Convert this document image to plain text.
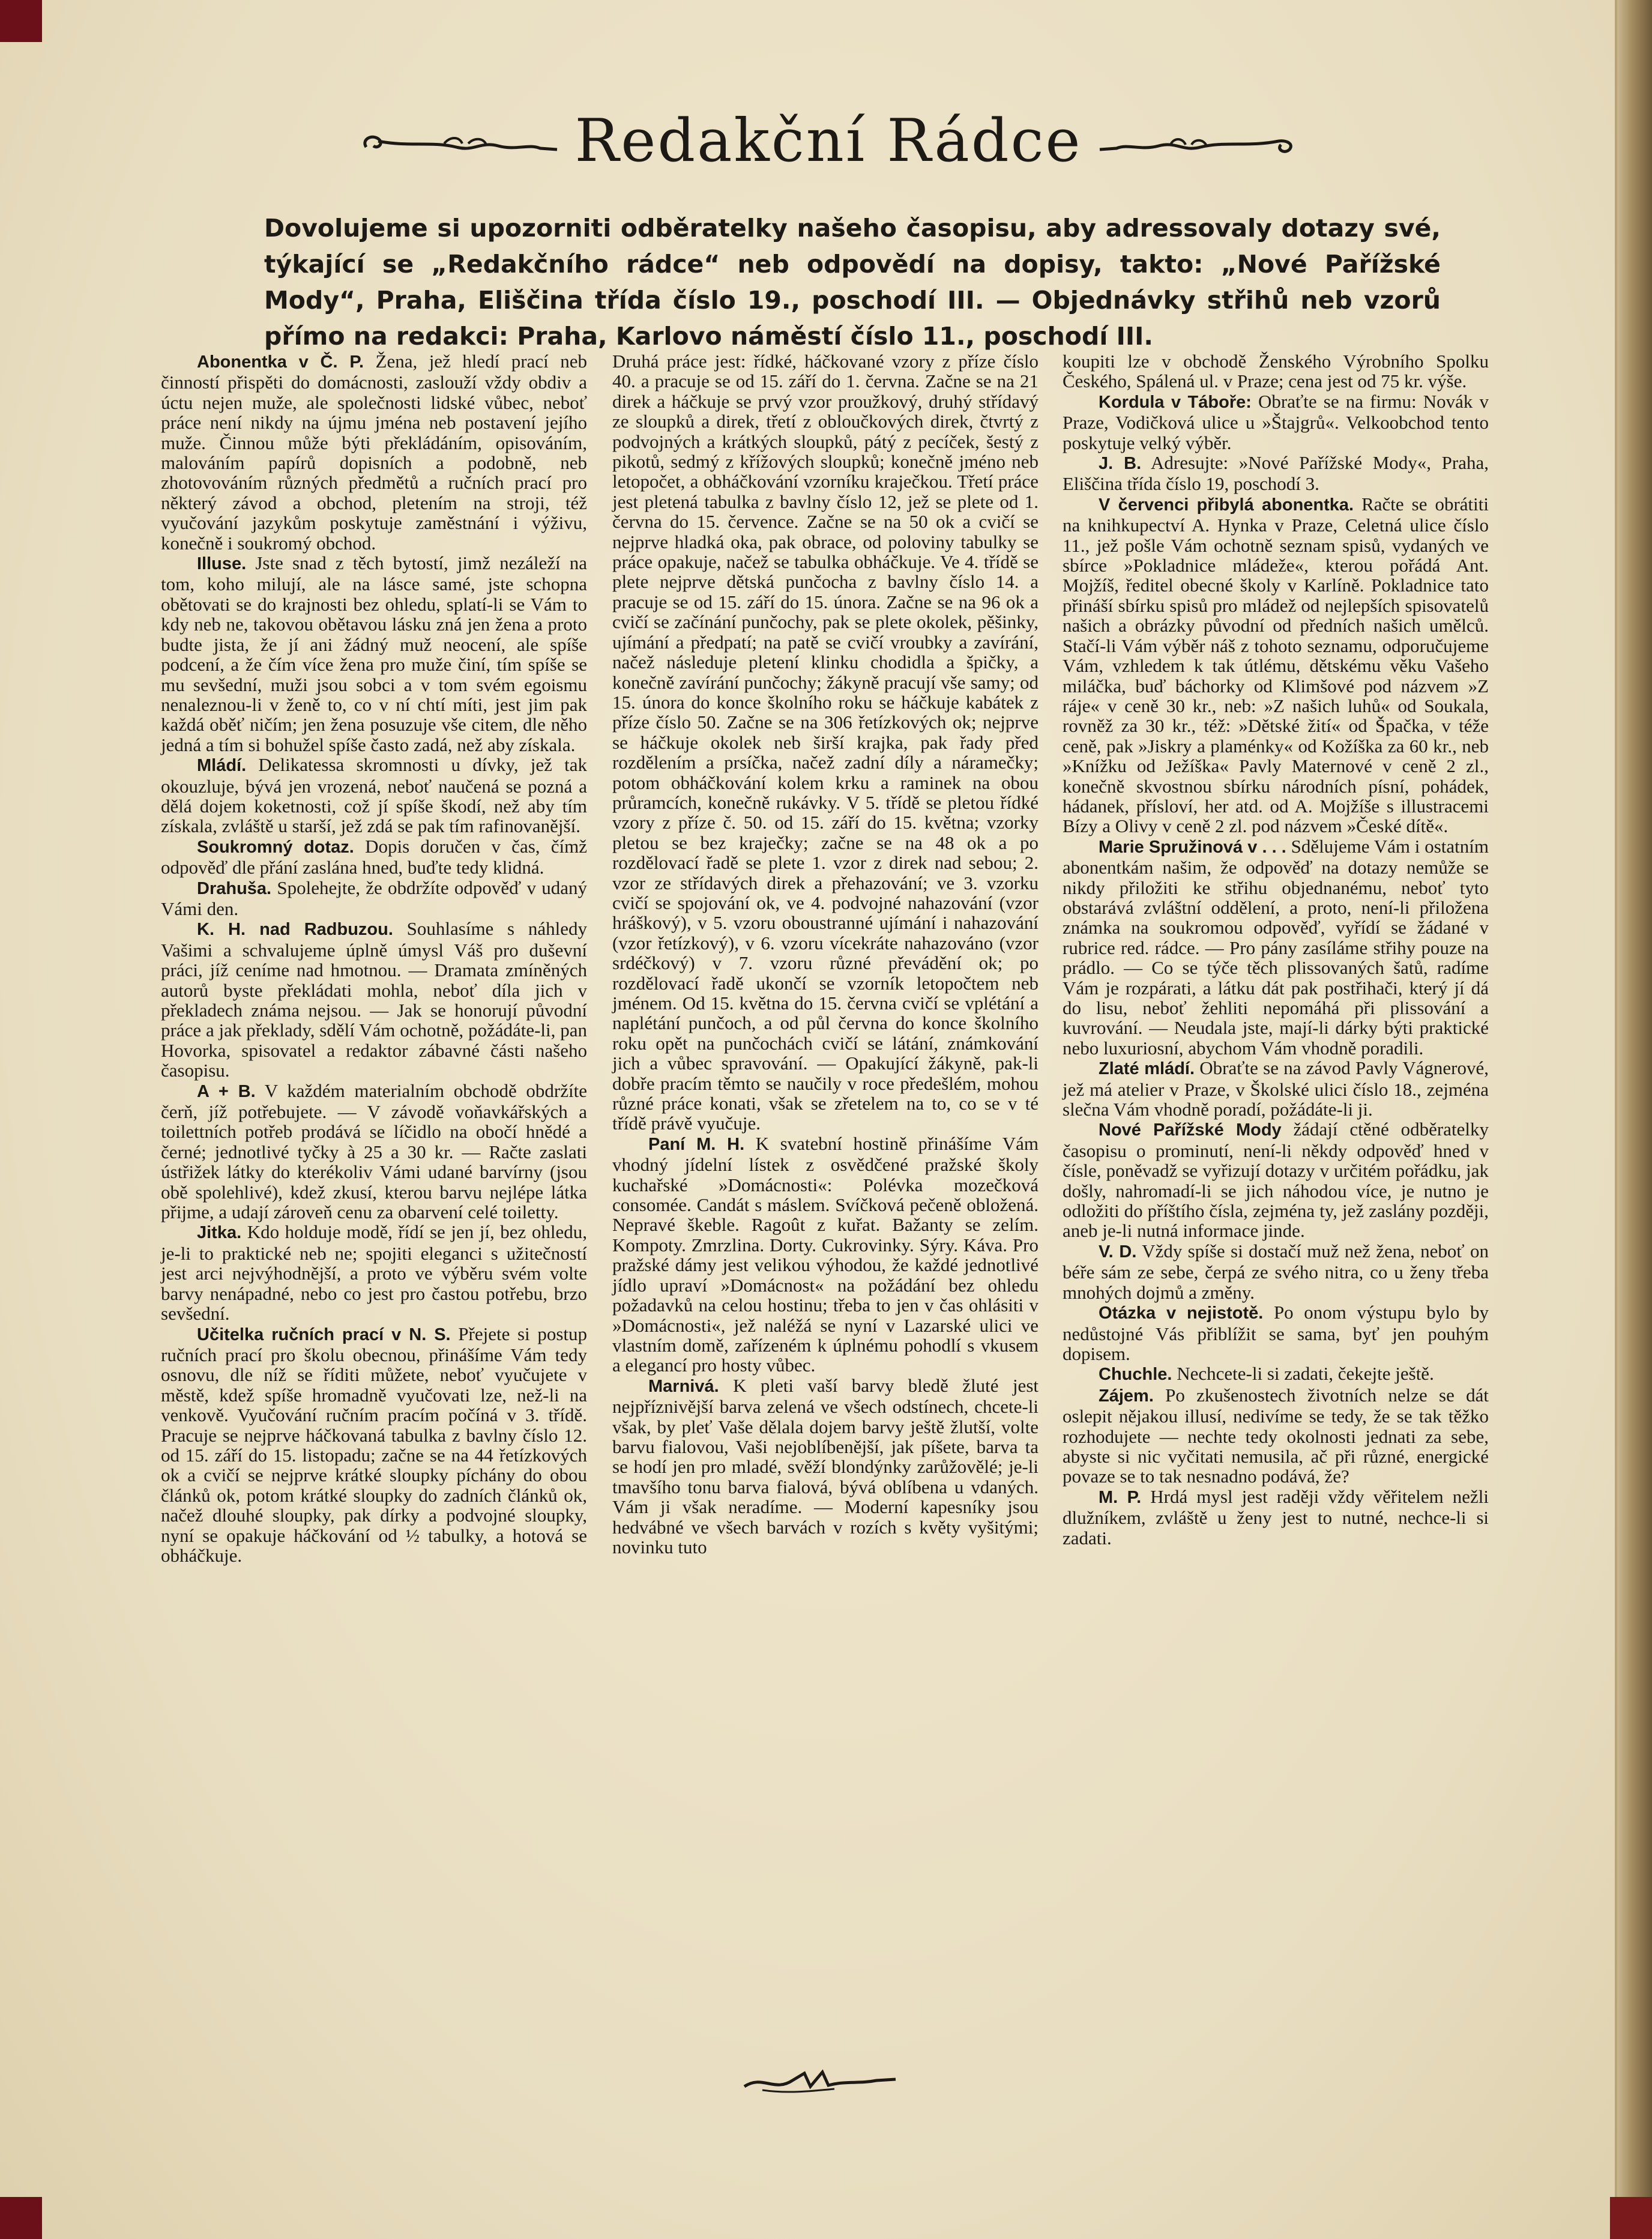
Redakční Rádce
Dovolujeme si upozorniti odběratelky našeho časopisu, aby adressovaly dotazy své, týkající se „Redakčního rádce“ neb odpovědí na dopisy, takto: „Nové Pařížské Mody“, Praha, Eliščina třída číslo 19., poschodí III. — Objednávky střihů neb vzorů přímo na redakci: Praha, Karlovo náměstí číslo 11., poschodí III.

Abonentka v Č. P. Žena, jež hledí prací neb činností přispěti do domácnosti, zaslouží vždy obdiv a úctu nejen muže, ale společnosti lidské vůbec, neboť práce není nikdy na újmu jména neb postavení jejího muže. Činnou může býti překládáním, opisováním, malováním papírů dopisních a podobně, neb zhotovováním různých předmětů a ručních prací pro některý závod a obchod, pletením na stroji, též vyučování jazykům poskytuje zaměstnání i výživu, konečně i soukromý obchod.

Illuse. Jste snad z těch bytostí, jimž nezáleží na tom, koho milují, ale na lásce samé, jste schopna obětovati se do krajnosti bez ohledu, splatí-li se Vám to kdy neb ne, takovou obětavou lásku zná jen žena a proto budte jista, že jí ani žádný muž neocení, ale spíše podcení, a že čím více žena pro muže činí, tím spíše se mu sevšední, muži jsou sobci a v tom svém egoismu nenaleznou-li v ženě to, co v ní chtí míti, jest jim pak každá oběť ničím; jen žena posuzuje vše citem, dle něho jedná a tím si bohužel spíše často zadá, než aby získala.

Mládí. Delikatessa skromnosti u dívky, jež tak okouzluje, bývá jen vrozená, neboť naučená se pozná a dělá dojem koketnosti, což jí spíše škodí, než aby tím získala, zvláště u starší, jež zdá se pak tím rafinovanější.

Soukromný dotaz. Dopis doručen v čas, čímž odpověď dle přání zaslána hned, buďte tedy klidná.

Drahuša. Spolehejte, že obdržíte odpověď v udaný Vámi den.

K. H. nad Radbuzou. Souhlasíme s náhledy Vašimi a schvalujeme úplně úmysl Váš pro duševní práci, jíž ceníme nad hmotnou. — Dramata zmíněných autorů byste překládati mohla, neboť díla jich v překladech známa nejsou. — Jak se honorují původní práce a jak překlady, sdělí Vám ochotně, požádáte-li, pan Hovorka, spisovatel a redaktor zábavné části našeho časopisu.

A + B. V každém materialním obchodě obdržíte čerň, jíž potřebujete. — V závodě voňavkářských a toilettních potřeb prodává se líčidlo na obočí hnědé a černé; jednotlivé tyčky à 25 a 30 kr. — Račte zaslati ústřižek látky do kterékoliv Vámi udané barvírny (jsou obě spolehlivé), kdež zkusí, kterou barvu nejlépe látka přijme, a udají zároveň cenu za obarvení celé toiletty.

Jitka. Kdo holduje modě, řídí se jen jí, bez ohledu, je-li to praktické neb ne; spojiti eleganci s užitečností jest arci nejvýhodnější, a proto ve výběru svém volte barvy nenápadné, nebo co jest pro častou potřebu, brzo sevšední.

Učitelka ručních prací v N. S. Přejete si postup ručních prací pro školu obecnou, přinášíme Vám tedy osnovu, dle níž se říditi můžete, neboť vyučujete v městě, kdež spíše hromadně vyučovati lze, než-li na venkově. Vyučování ručním pracím počíná v 3. třídě. Pracuje se nejprve háčkovaná tabulka z bavlny číslo 12. od 15. září do 15. listopadu; začne se na 44 řetízkových ok a cvičí se nejprve krátké sloupky píchány do obou článků ok, potom krátké sloupky do zadních článků ok, načež dlouhé sloupky, pak dírky a podvojné sloupky, nyní se opakuje háčkování od ½ tabulky, a hotová se obháčkuje.

Druhá práce jest: řídké, háčkované vzory z příze číslo 40. a pracuje se od 15. září do 1. června. Začne se na 21 direk a háčkuje se prvý vzor proužkový, druhý střídavý ze sloupků a direk, třetí z obloučkových direk, čtvrtý z podvojných a krátkých sloupků, pátý z pecíček, šestý z pikotů, sedmý z křížových sloupků; konečně jméno neb letopočet, a obháčkování vzorníku kraječkou. Třetí práce jest pletená tabulka z bavlny číslo 12, jež se plete od 1. června do 15. července. Začne se na 50 ok a cvičí se nejprve hladká oka, pak obrace, od poloviny tabulky se práce opakuje, načež se tabulka obháčkuje. Ve 4. třídě se plete nejprve dětská punčocha z bavlny číslo 14. a pracuje se od 15. září do 15. února. Začne se na 96 ok a cvičí se začínání punčochy, pak se plete okolek, pěšinky, ujímání a předpatí; na patě se cvičí vroubky a zavírání, načež následuje pletení klinku chodidla a špičky, a konečně zavírání punčochy; žákyně pracují vše samy; od 15. února do konce školního roku se háčkuje kabátek z příze číslo 50. Začne se na 306 řetízkových ok; nejprve se háčkuje okolek neb širší krajka, pak řady před rozdělením a prsíčka, načež zadní díly a náramečky; potom obháčkování kolem krku a raminek na obou průramcích, konečně rukávky. V 5. třídě se pletou řídké vzory z příze č. 50. od 15. září do 15. května; vzorky pletou se bez kraječky; začne se na 48 ok a po rozdělovací řadě se plete 1. vzor z direk nad sebou; 2. vzor ze střídavých direk a přehazování; ve 3. vzorku cvičí se spojování ok, ve 4. podvojné nahazování (vzor hráškový), v 5. vzoru oboustranné ujímání i nahazování (vzor řetízkový), v 6. vzoru vícekráte nahazováno (vzor srdéčkový) v 7. vzoru různé převádění ok; po rozdělovací řadě ukončí se vzorník letopočtem neb jménem. Od 15. května do 15. června cvičí se vplétání a naplétání punčoch, a od půl června do konce školního roku opět na punčochách cvičí se látání, známkování jich a vůbec spravování. — Opakující žákyně, pak-li dobře pracím těmto se naučily v roce předešlém, mohou různé práce konati, však se zřetelem na to, co se v té třídě právě vyučuje.

Paní M. H. K svatební hostině přinášíme Vám vhodný jídelní lístek z osvědčené pražské školy kuchařské »Domácnosti«: Polévka mozečková consomée. Candát s máslem. Svíčková pečeně obložená. Nepravé škeble. Ragoût z kuřat. Bažanty se zelím. Kompoty. Zmrzlina. Dorty. Cukrovinky. Sýry. Káva. Pro pražské dámy jest velikou výhodou, že každé jednotlivé jídlo upraví »Domácnost« na požádání bez ohledu požadavků na celou hostinu; třeba to jen v čas ohlásiti v »Domácnosti«, jež naléžá se nyní v Lazarské ulici ve vlastním domě, zařízeném k úplnému pohodlí s vkusem a elegancí pro hosty vůbec.

Marnivá. K pleti vaší barvy bledě žluté jest nejpříznivější barva zelená ve všech odstínech, chcete-li však, by pleť Vaše dělala dojem barvy ještě žlutší, volte barvu fialovou, Vaši nejoblíbenější, jak píšete, barva ta se hodí jen pro mladé, svěží blondýnky zarůžovělé; je-li tmavšího tonu barva fialová, bývá oblíbena u vdaných. Vám ji však neradíme. — Moderní kapesníky jsou hedvábné ve všech barvách v rozích s květy vyšitými; novinku tuto

koupiti lze v obchodě Ženského Výrobního Spolku Českého, Spálená ul. v Praze; cena jest od 75 kr. výše.

Kordula v Táboře: Obraťte se na firmu: Novák v Praze, Vodičková ulice u »Štajgrů«. Velkoobchod tento poskytuje velký výběr.

J. B. Adresujte: »Nové Pařížské Mody«, Praha, Eliščina třída číslo 19, poschodí 3.

V červenci přibylá abonentka. Račte se obrátiti na knihkupectví A. Hynka v Praze, Celetná ulice číslo 11., jež pošle Vám ochotně seznam spisů, vydaných ve sbírce »Pokladnice mládeže«, kterou pořádá Ant. Mojžíš, ředitel obecné školy v Karlíně. Pokladnice tato přináší sbírku spisů pro mládež od nejlepších spisovatelů našich a obrázky původní od předních našich umělců. Stačí-li Vám výběr náš z tohoto seznamu, odporučujeme Vám, vzhledem k tak útlému, dětskému věku Vašeho miláčka, buď báchorky od Klimšové pod názvem »Z ráje« v ceně 30 kr., neb: »Z našich luhů« od Soukala, rovněž za 30 kr., též: »Dětské žití« od Špačka, v téže ceně, pak »Jiskry a plaménky« od Kožíška za 60 kr., neb »Knížku od Ježíška« Pavly Maternové v ceně 2 zl., konečně skvostnou sbírku národních písní, pohádek, hádanek, přísloví, her atd. od A. Mojžíše s illustracemi Bízy a Olivy v ceně 2 zl. pod názvem »České dítě«.

Marie Spružinová v . . . Sdělujeme Vám i ostatním abonentkám našim, že odpověď na dotazy nemůže se nikdy přiložiti ke střihu objednanému, neboť tyto obstarává zvláštní oddělení, a proto, není-li přiložena známka na soukromou odpověď, vyřídí se žádané v rubrice red. rádce. — Pro pány zasíláme střihy pouze na prádlo. — Co se týče těch plissovaných šatů, radíme Vám je rozpárati, a látku dát pak postřihači, který jí dá do lisu, neboť žehliti nepomáhá při plissování a kuvrování. — Neudala jste, mají-li dárky býti praktické nebo luxuriosní, abychom Vám vhodně poradili.

Zlaté mládí. Obraťte se na závod Pavly Vágnerové, jež má atelier v Praze, v Školské ulici číslo 18., zejména slečna Vám vhodně poradí, požádáte-li ji.

Nové Pařížské Mody žádají ctěné odběratelky časopisu o prominutí, není-li někdy odpověď hned v čísle, poněvadž se vyřizují dotazy v určitém pořádku, jak došly, nahromadí-li se jich náhodou více, je nutno je odložiti do příštího čísla, zejména ty, jež zaslány později, aneb je-li nutná informace jinde.

V. D. Vždy spíše si dostačí muž než žena, neboť on béře sám ze sebe, čerpá ze svého nitra, co u ženy třeba mnohých dojmů a změny.

Otázka v nejistotě. Po onom výstupu bylo by nedůstojné Vás přiblížit se sama, byť jen pouhým dopisem.

Chuchle. Nechcete-li si zadati, čekejte ještě.

Zájem. Po zkušenostech životních nelze se dát oslepit nějakou illusí, nedivíme se tedy, že se tak těžko rozhodujete — nechte tedy okolnosti jednati za sebe, abyste si nic vyčitati nemusila, ač při různé, energické povaze se to tak nesnadno podává, že?

M. P. Hrdá mysl jest raději vždy věřitelem nežli dlužníkem, zvláště u ženy jest to nutné, nechce-li si zadati.
